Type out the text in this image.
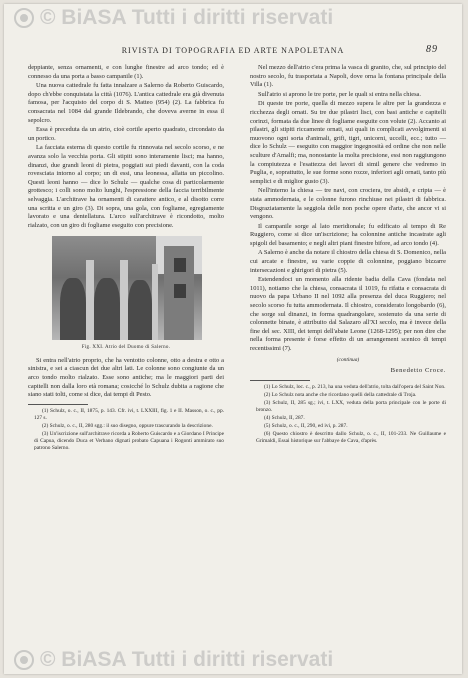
© BiASA Tutti i diritti riservati
RIVISTA DI TOPOGRAFIA ED ARTE NAPOLETANA	89

deppiante, senza ornamenti, e con lunghe finestre ad arco tondo; ed è connesso da una porta a basso campanile (1).

Una nuova cattedrale fu fatta innalzare a Salerno da Roberto Guiscardo, dopo ch'ebbe conquistata la città (1076). L'antica cattedrale era già divenuta famosa, per l'acquisto del corpo di S. Matteo (954) (2). La fabbrica fu consacrata nel 1084 dal grande Ildebrando, che doveva averne in essa il sepolcro.

Essa è preceduta da un atrio, cioè cortile aperto quadrato, circondato da un portico.

La facciata esterna di questo cortile fu rinnovata nel secolo scorso, e ne avanza solo la vecchia porta. Gli stipiti sono interamente lisci; ma hanno, dinanzi, due grandi leoni di pietra, poggiati sui piedi davanti, con la coda rovesciata intorno al corpo; un di essi, una leonessa, allatta un piccolino. Questi leoni hanno — dice lo Schulz — qualche cosa di particolarmente grottesco; i colli sono molto lunghi, l'espressione della faccia terribilmente selvaggia. L'architrave ha ornamenti di carattere antico, e al disotto corre una scritta e un giro (3). Di sopra, una gola, con fogliame, egregiamente lavorato e una dentellatura. L'arco sull'architrave è ricondotto, molto rialzato, con un giro di fogliame eseguito con precisione.

Fig. XXI. Atrio del Duomo di Salerno.

Si entra nell'atrio proprio, che ha ventotto colonne, otto a destra e otto a sinistra, e sei a ciascun dei due altri lati. Le colonne sono congiunte da un arco tondo molto rialzato. Esse sono antiche; ma le maggiori parti dei capitelli non dalla loro età romana; cosicché lo Schulz dubita a ragione che siano stati tolti, come si dice, dai tempi di Pesto.

(1) Schulz, o. c., II, 1875, p. 143. Cfr. ivi, t. LXXIII, fig. 1 e II. Masson, o. c., pp. 127 s.

(2) Schulz, o. c., II, 280 sgg.: il suo disegno, oppure trascurando la descrizione.

(3) Un'iscrizione sull'architrave ricorda a Roberto Guiscardo e a Giordano I Principe di Capua, dicendo Duca et Verbano dignati probato Capuana i Rogonti ammirato suo patrono Salerno.

Nel mezzo dell'atrio c'era prima la vasca di granito, che, sul principio del nostro secolo, fu trasportata a Napoli, dove orna la fontana principale della Villa (1).

Sull'atrio si aprono le tre porte, per le quali si entra nella chiesa.

Di queste tre porte, quella di mezzo supera le altre per la grandezza e ricchezza degli ornati. Su tre due pilastri lisci, con basi antiche e capitelli corinzi, formata da due linee di fogliame eseguite con volute (2). Accanto ai pilastri, gli stipiti riccamente ornati, sui quali in complicati avvolgimenti si muovono ogni sorta d'animali, grifi, tigri, unicorni, uccelli, ecc.; tutto — dice lo Schulz — eseguito con maggior ingegnosità ed ordine che non nelle sculture d'Amalfi; ma, nonostante la molta precisione, essi non raggiungono la compiutezza e l'esattezza dei lavori di simil genere che vedremo in Puglia, e, soprattutto, le sue forme sono rozze, inferiori agli ornati, tanto più semplici e di miglior gusto (3).

Nell'interno la chiesa — tre navi, con crociera, tre absidi, e cripta — è stata ammodernata, e le colonne furono rinchiuse nei pilastri di fabbrica. Disgraziatamente la seggiola delle non poche opere d'arte, che ancor vi si vengono.

Il campanile sorge al lato meridionale; fu edificato al tempo di Re Ruggiero, come si dice un'iscrizione; ha colonnine antiche incastrate agli spigoli del basamento; e negli altri piani finestre bifore, ad arco tondo (4).

A Salerno è anche da notare il chiostro della chiesa di S. Domenico, nella cui arcate e finestre, su varie coppie di colonnine, poggiano bizzarre intersecazioni e ghirigori di pietra (5).

Estendendoci un momento alla ridente badia della Cava (fondata nel 1011), notiamo che la chiesa, consacrata il 1019, fu rifatta e consacrata di nuovo da papa Urbano II nel 1092 alla presenza del duca Ruggiero; nel secolo scorso fu tutta ammodernata. Il chiostro, considerato longobardo (6), che sorge sul dinanzi, in forma quadrangolare, sostenuto da una serie di colonnette binate, è attribuito dal Salazaro all'XI secolo, ma è invece della fine del sec. XIII, dei tempi dell'abate Leone (1268-1295); per non dire che nella forma presente è forse effetto di un arrangement scenico di tempi recentissimi (7).

(continua)
Benedetto Croce.

(1) Lo Schulz, loc. c., p. 213, ha una veduta dell'atrio, tolta dall'opera del Saint Non.

(2) Lo Schulz nota anche che ricordano quelli della cattedrale di Troja.

(3) Schulz, II, 285 sg.; ivi, t. LXX, veduta della porta principale con le porte di bronzo.

(4) Schulz, II, 287.

(5) Schulz, o. c., II, 290, ed ivi, p. 287.

(6) Questo chiostro è descritto dallo Schulz, o. c., II, 101-233. Ne Guillaume e Grimaldi, Essai historique sur l'abbaye de Cava, d'après.

© BiASA Tutti i diritti riservati
